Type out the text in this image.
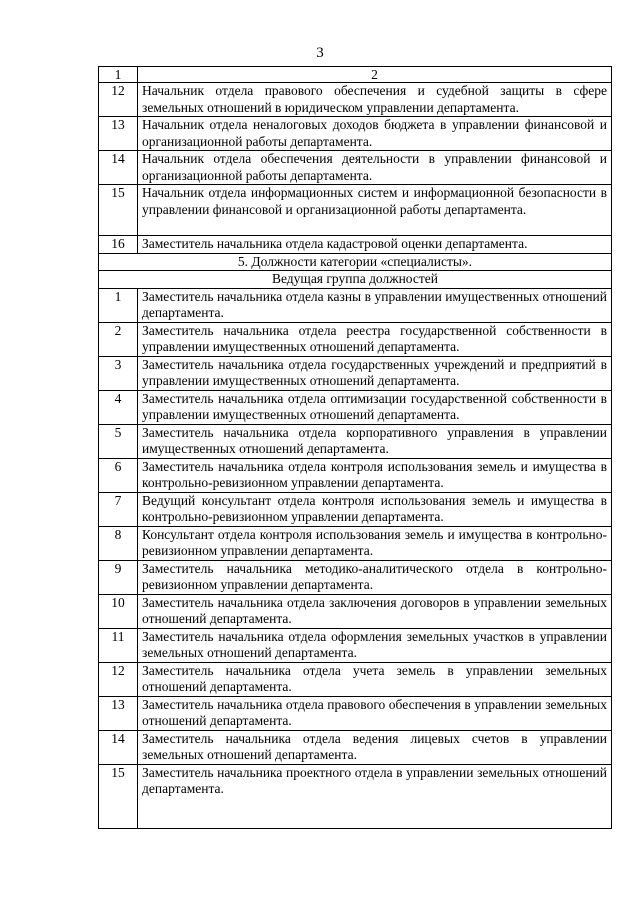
3
1	2
12	Начальник отдела правового обеспечения и судебной защиты в сфере земельных отношений в юридическом управлении департамента.
13	Начальник отдела неналоговых доходов бюджета в управлении финансовой и организационной работы департамента.
14	Начальник отдела обеспечения деятельности в управлении финансовой и организационной работы департамента.
15	Начальник отдела информационных систем и информационной безопасности в управлении финансовой и организационной работы департамента.
16	Заместитель начальника отдела кадастровой оценки департамента.
5. Должности категории «специалисты».	
Ведущая группа должностей	
1	Заместитель начальника отдела казны в управлении имущественных отношений департамента.
2	Заместитель начальника отдела реестра государственной собственности в управлении имущественных отношений департамента.
3	Заместитель начальника отдела государственных учреждений и предприятий в управлении имущественных отношений департамента.
4	Заместитель начальника отдела оптимизации государственной собственности в управлении имущественных отношений департамента.
5	Заместитель начальника отдела корпоративного управления в управлении имущественных отношений департамента.
6	Заместитель начальника отдела контроля использования земель и имущества в контрольно-ревизионном управлении департамента.
7	Ведущий консультант отдела контроля использования земель и имущества в контрольно-ревизионном управлении департамента.
8	Консультант отдела контроля использования земель и имущества в контрольно-ревизионном управлении департамента.
9	Заместитель начальника методико-аналитического отдела в контрольно-ревизионном управлении департамента.
10	Заместитель начальника отдела заключения договоров в управлении земельных отношений департамента.
11	Заместитель начальника отдела оформления земельных участков в управлении земельных отношений департамента.
12	Заместитель начальника отдела учета земель в управлении земельных отношений департамента.
13	Заместитель начальника отдела правового обеспечения в управлении земельных отношений департамента.
14	Заместитель начальника отдела ведения лицевых счетов в управлении земельных отношений департамента.
15	Заместитель начальника проектного отдела в управлении земельных отношений департамента.
